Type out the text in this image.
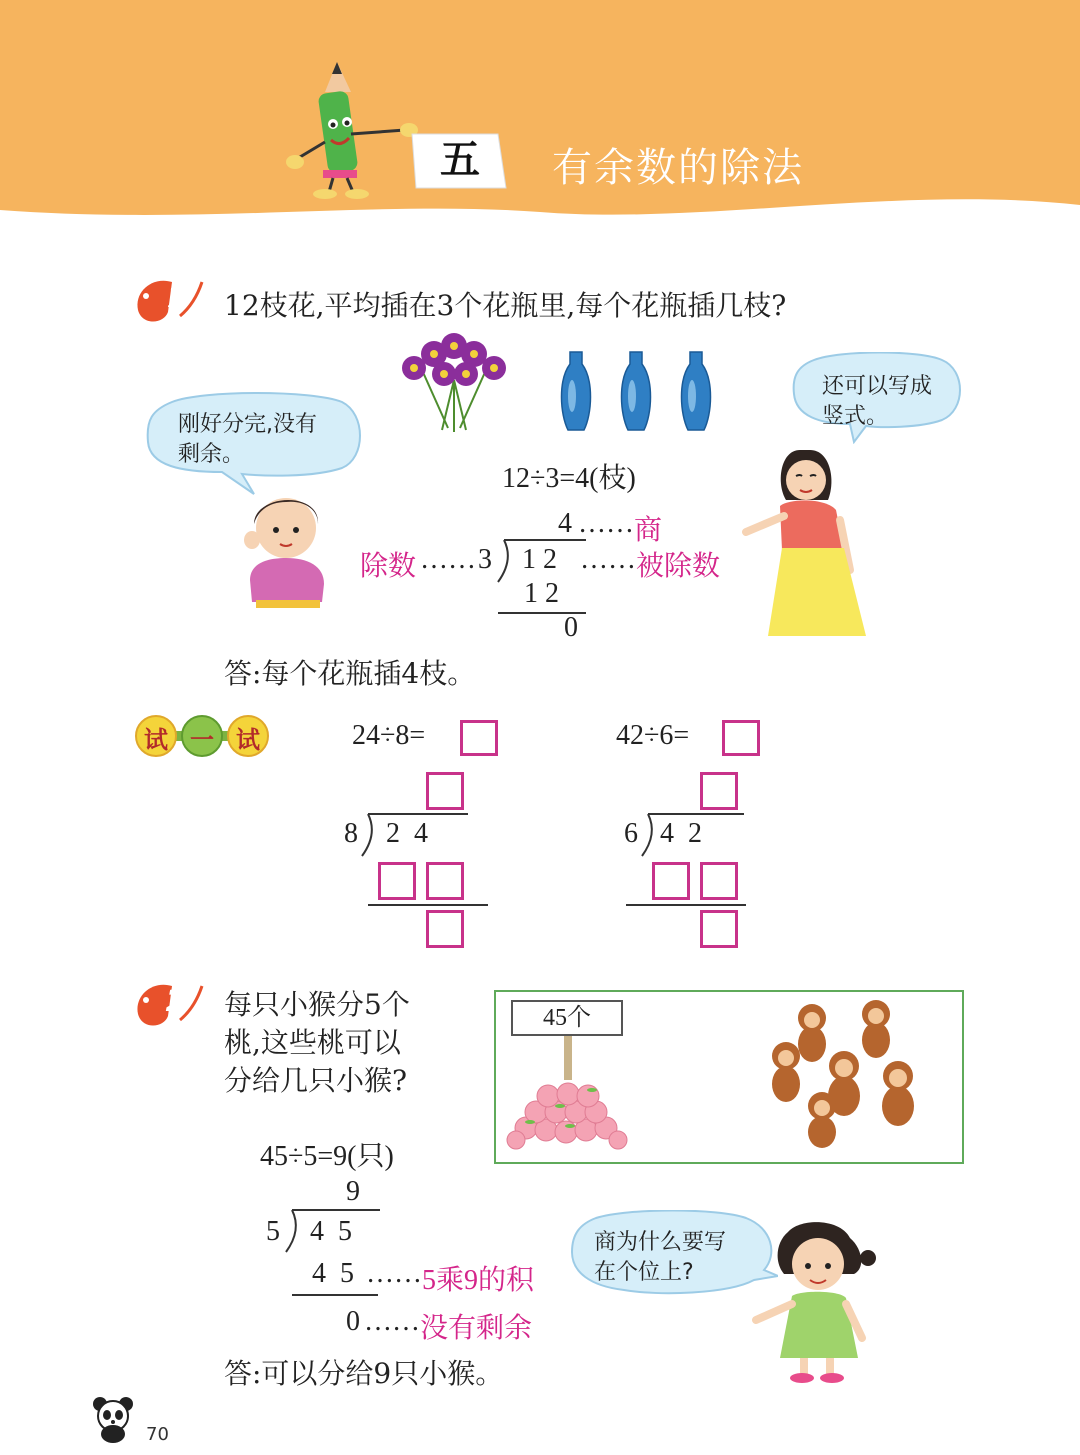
五	有余数的除法
1 12枝花,平均插在3个花瓶里,每个花瓶插几枝?
刚好分完,没有
剩余。
还可以写成
竖式。
12÷3=4(枝)
4 …… 商
除数 …… 3 1 2 …… 被除数
1 2
0
答:每个花瓶插4枝。
试 一 试	24÷8=
8 2  4
42÷6=
6 4  2
2 每只小猴分5个
桃,这些桃可以
分给几只小猴?
45个
45÷5=9(只)
9
5 4  5
4  5 …… 5乘9的积
0 …… 没有剩余
商为什么要写
在个位上?
答:可以分给9只小猴。
70
